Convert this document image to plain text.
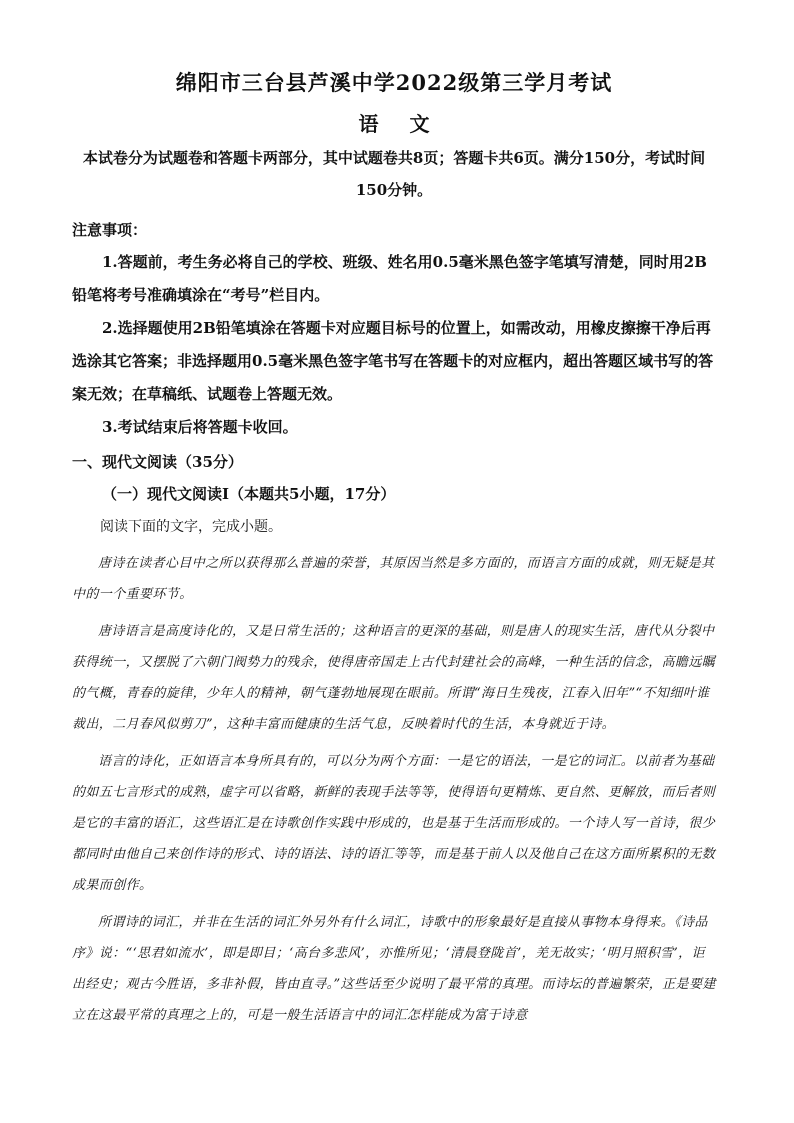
绵阳市三台县芦溪中学2022级第三学月考试
语 文

本试卷分为试题卷和答题卡两部分，其中试题卷共8页；答题卡共6页。满分150分，考试时间150分钟。

注意事项：

1.答题前，考生务必将自己的学校、班级、姓名用0.5毫米黑色签字笔填写清楚，同时用2B铅笔将考号准确填涂在“考号”栏目内。

2.选择题使用2B铅笔填涂在答题卡对应题目标号的位置上，如需改动，用橡皮擦擦干净后再选涂其它答案；非选择题用0.5毫米黑色签字笔书写在答题卡的对应框内，超出答题区域书写的答案无效；在草稿纸、试题卷上答题无效。

3.考试结束后将答题卡收回。

一、现代文阅读（35分）

（一）现代文阅读Ⅰ（本题共5小题，17分）

阅读下面的文字，完成小题。

唐诗在读者心目中之所以获得那么普遍的荣誉，其原因当然是多方面的，而语言方面的成就，则无疑是其中的一个重要环节。

唐诗语言是高度诗化的，又是日常生活的；这种语言的更深的基础，则是唐人的现实生活，唐代从分裂中获得统一，又摆脱了六朝门阀势力的残余，使得唐帝国走上古代封建社会的高峰，一种生活的信念，高瞻远瞩的气概，青春的旋律，少年人的精神，朝气蓬勃地展现在眼前。所谓“海日生残夜，江春入旧年”“不知细叶谁裁出，二月春风似剪刀”，这种丰富而健康的生活气息，反映着时代的生活，本身就近于诗。

语言的诗化，正如语言本身所具有的，可以分为两个方面：一是它的语法，一是它的词汇。以前者为基础的如五七言形式的成熟，虚字可以省略，新鲜的表现手法等等，使得语句更精炼、更自然、更解放，而后者则是它的丰富的语汇，这些语汇是在诗歌创作实践中形成的，也是基于生活而形成的。一个诗人写一首诗，很少都同时由他自己来创作诗的形式、诗的语法、诗的语汇等等，而是基于前人以及他自己在这方面所累积的无数成果而创作。

所谓诗的词汇，并非在生活的词汇外另外有什么词汇，诗歌中的形象最好是直接从事物本身得来。《诗品序》说：“‘思君如流水’，即是即目；‘高台多悲风’，亦惟所见；‘清晨登陇首’，羌无故实；‘明月照积雪’，讵出经史；观古今胜语，多非补假，皆由直寻。”这些话至少说明了最平常的真理。而诗坛的普遍繁荣，正是要建立在这最平常的真理之上的，可是一般生活语言中的词汇怎样能成为富于诗意
